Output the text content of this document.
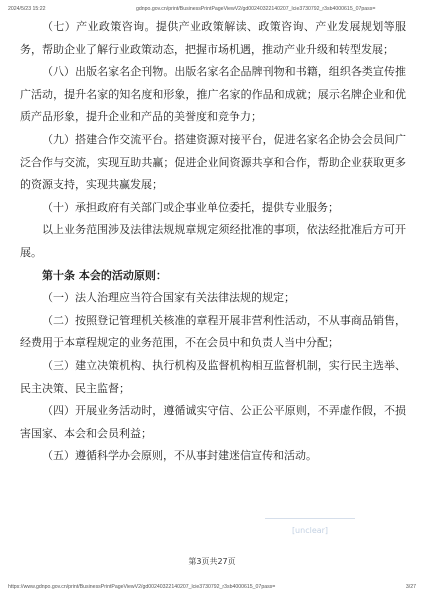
2024/5/23 15:22	gdnpo.gov.cn/print/BusinessPrintPageViewV2/gd00240322140207_lcie3730792_r3sb4000615_07pass=

（七）产业政策咨询。提供产业政策解读、政策咨询、产业发展规划等服务，帮助企业了解行业政策动态，把握市场机遇，推动产业升级和转型发展；

（八）出版名家名企刊物。出版名家名企品牌刊物和书籍，组织各类宣传推广活动，提升名家的知名度和形象，推广名家的作品和成就；展示名牌企业和优质产品形象，提升企业和产品的美誉度和竞争力；

（九）搭建合作交流平台。搭建资源对接平台，促进名家名企协会会员间广泛合作与交流，实现互助共赢；促进企业间资源共享和合作，帮助企业获取更多的资源支持，实现共赢发展；

（十）承担政府有关部门或企事业单位委托，提供专业服务；

以上业务范围涉及法律法规规章规定须经批准的事项，依法经批准后方可开展。

第十条 本会的活动原则：

（一）法人治理应当符合国家有关法律法规的规定；

（二）按照登记管理机关核准的章程开展非营利性活动，不从事商品销售，经费用于本章程规定的业务范围，不在会员中和负责人当中分配；

（三）建立决策机构、执行机构及监督机构相互监督机制，实行民主选举、民主决策、民主监督；

（四）开展业务活动时，遵循诚实守信、公正公平原则，不弄虚作假，不损害国家、本会和会员利益；

（五）遵循科学办会原则，不从事封建迷信宣传和活动。

[unclear]
第3页共27页
https://www.gdnpo.gov.cn/print/BusinessPrintPageViewV2/gd00240322140207_lcie3730792_r3sb4000615_07pass=	3/27
